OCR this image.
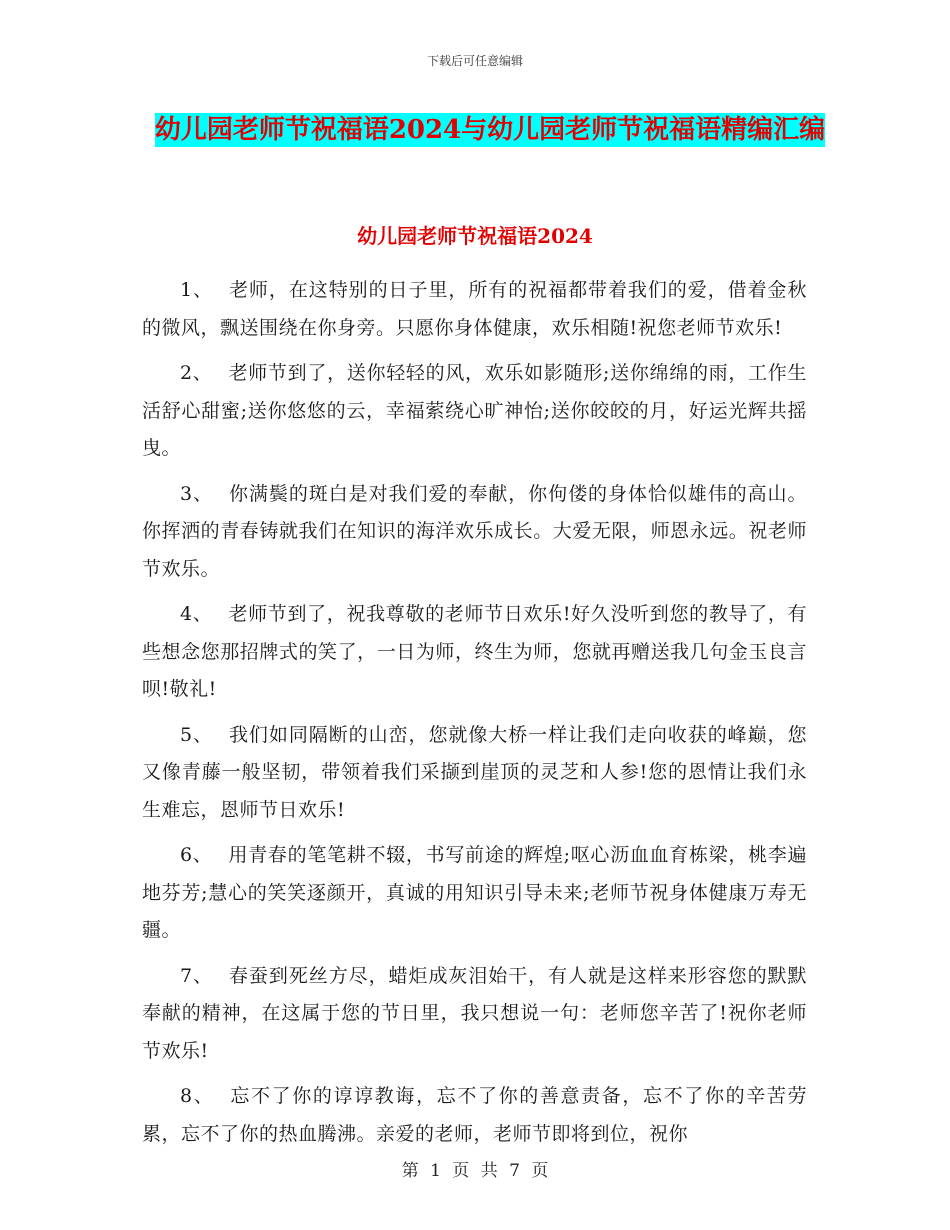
下载后可任意编辑
幼儿园老师节祝福语2024与幼儿园老师节祝福语精编汇编
幼儿园老师节祝福语2024

1、 老师，在这特别的日子里，所有的祝福都带着我们的爱，借着金秋的微风，飘送围绕在你身旁。只愿你身体健康，欢乐相随!祝您老师节欢乐!

2、 老师节到了，送你轻轻的风，欢乐如影随形;送你绵绵的雨，工作生活舒心甜蜜;送你悠悠的云，幸福萦绕心旷神怡;送你皎皎的月，好运光辉共摇曳。

3、 你满鬓的斑白是对我们爱的奉献，你佝偻的身体恰似雄伟的高山。你挥洒的青春铸就我们在知识的海洋欢乐成长。大爱无限，师恩永远。祝老师节欢乐。

4、 老师节到了，祝我尊敬的老师节日欢乐!好久没听到您的教导了，有些想念您那招牌式的笑了，一日为师，终生为师，您就再赠送我几句金玉良言呗!敬礼!

5、 我们如同隔断的山峦，您就像大桥一样让我们走向收获的峰巅，您又像青藤一般坚韧，带领着我们采撷到崖顶的灵芝和人参!您的恩情让我们永生难忘，恩师节日欢乐!

6、 用青春的笔笔耕不辍，书写前途的辉煌;呕心沥血血育栋梁，桃李遍地芬芳;慧心的笑笑逐颜开，真诚的用知识引导未来;老师节祝身体健康万寿无疆。

7、 春蚕到死丝方尽，蜡炬成灰泪始干，有人就是这样来形容您的默默奉献的精神，在这属于您的节日里，我只想说一句：老师您辛苦了!祝你老师节欢乐!

8、 忘不了你的谆谆教诲，忘不了你的善意责备，忘不了你的辛苦劳累，忘不了你的热血腾沸。亲爱的老师，老师节即将到位，祝你

第 1 页 共 7 页
